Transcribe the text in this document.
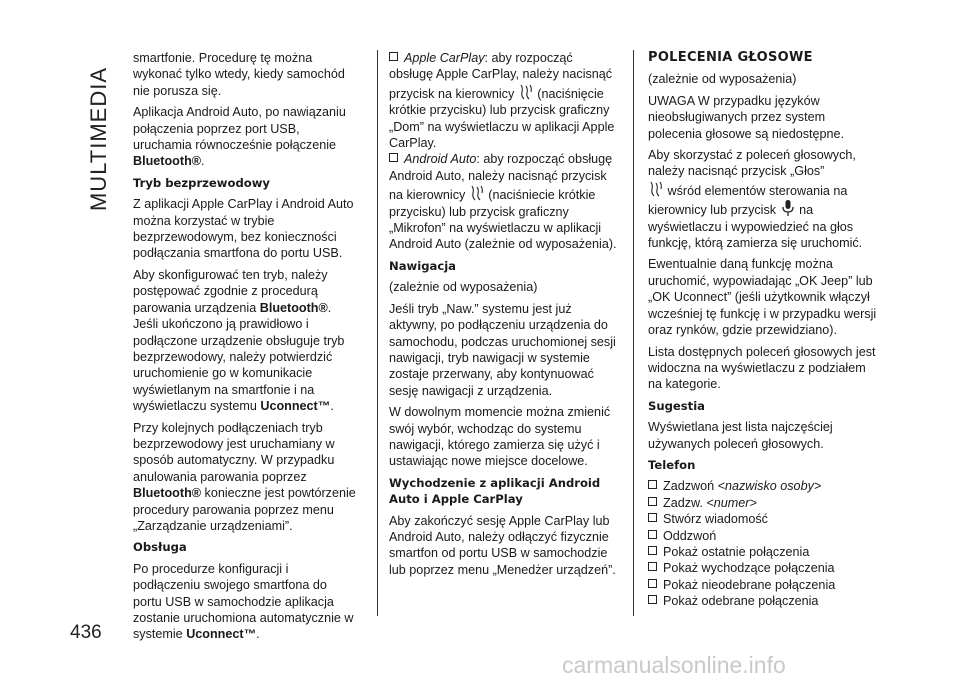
MULTIMEDIA
436
carmanualsonline.info

smartfonie. Procedurę tę można wykonać tylko wtedy, kiedy samochód nie porusza się.

Aplikacja Android Auto, po nawiązaniu połączenia poprzez port USB, uruchamia równocześnie połączenie Bluetooth®.

Tryb bezprzewodowy

Z aplikacji Apple CarPlay i Android Auto można korzystać w trybie bezprzewodowym, bez konieczności podłączania smartfona do portu USB.

Aby skonfigurować ten tryb, należy postępować zgodnie z procedurą parowania urządzenia Bluetooth®.

Jeśli ukończono ją prawidłowo i podłączone urządzenie obsługuje tryb bezprzewodowy, należy potwierdzić uruchomienie go w komunikacie wyświetlanym na smartfonie i na wyświetlaczu systemu Uconnect™.

Przy kolejnych podłączeniach tryb bezprzewodowy jest uruchamiany w sposób automatyczny. W przypadku anulowania parowania poprzez Bluetooth® konieczne jest powtórzenie procedury parowania poprzez menu „Zarządzanie urządzeniami”.

Obsługa

Po procedurze konfiguracji i podłączeniu swojego smartfona do portu USB w samochodzie aplikacja zostanie uruchomiona automatycznie w systemie Uconnect™.

Apple CarPlay: aby rozpocząć obsługę Apple CarPlay, należy nacisnąć przycisk na kierownicy  (naciśnięcie krótkie przycisku) lub przycisk graficzny „Dom” na wyświetlaczu w aplikacji Apple CarPlay.

Android Auto: aby rozpocząć obsługę Android Auto, należy nacisnąć przycisk na kierownicy  (naciśniecie krótkie przycisku) lub przycisk graficzny „Mikrofon” na wyświetlaczu w aplikacji Android Auto (zależnie od wyposażenia).

Nawigacja

(zależnie od wyposażenia)

Jeśli tryb „Naw.” systemu jest już aktywny, po podłączeniu urządzenia do samochodu, podczas uruchomionej sesji nawigacji, tryb nawigacji w systemie zostaje przerwany, aby kontynuować sesję nawigacji z urządzenia.

W dowolnym momencie można zmienić swój wybór, wchodząc do systemu nawigacji, którego zamierza się użyć i ustawiając nowe miejsce docelowe.

Wychodzenie z aplikacji Android Auto i Apple CarPlay

Aby zakończyć sesję Apple CarPlay lub Android Auto, należy odłączyć fizycznie smartfon od portu USB w samochodzie lub poprzez menu „Menedżer urządzeń”.

POLECENIA GŁOSOWE

(zależnie od wyposażenia)

UWAGA W przypadku języków nieobsługiwanych przez system polecenia głosowe są niedostępne.

Aby skorzystać z poleceń głosowych, należy nacisnąć przycisk „Głos”
wśród elementów sterowania na kierownicy lub przycisk  na wyświetlaczu i wypowiedzieć na głos funkcję, którą zamierza się uruchomić.

Ewentualnie daną funkcję można uruchomić, wypowiadając „OK Jeep” lub „OK Uconnect” (jeśli użytkownik włączył wcześniej tę funkcję i w przypadku wersji oraz rynków, gdzie przewidziano).

Lista dostępnych poleceń głosowych jest widoczna na wyświetlaczu z podziałem na kategorie.

Sugestia

Wyświetlana jest lista najczęściej używanych poleceń głosowych.

Telefon

Zadzwoń <nazwisko osoby>
Zadzw. <numer>
Stwórz wiadomość
Oddzwoń
Pokaż ostatnie połączenia
Pokaż wychodzące połączenia
Pokaż nieodebrane połączenia
Pokaż odebrane połączenia
